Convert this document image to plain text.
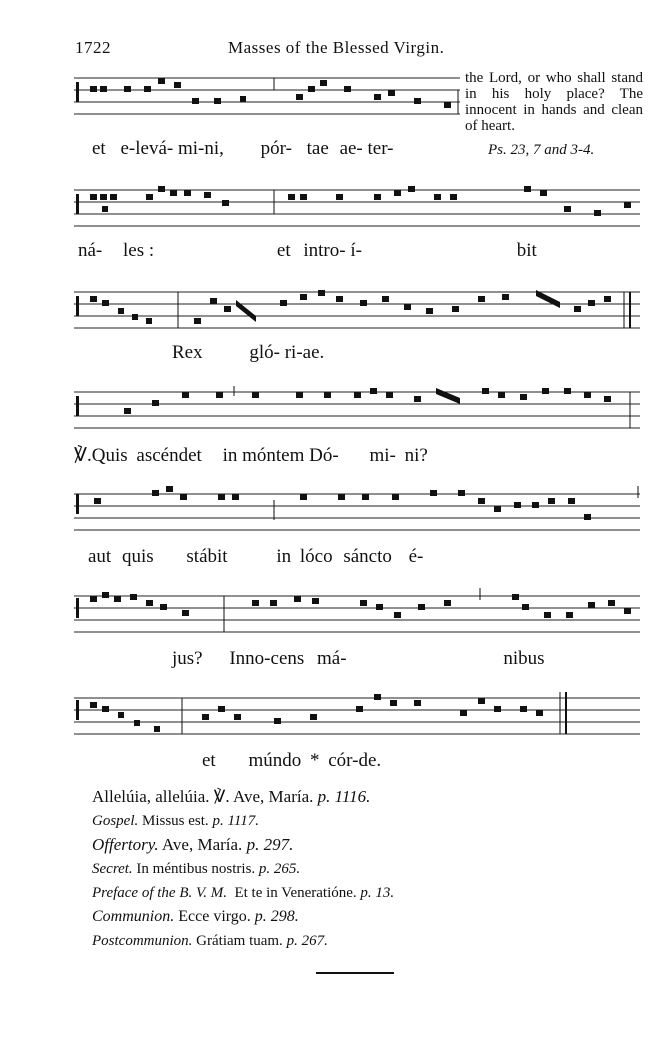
1722	Masses of the Blessed Virgin.
the Lord, or who shall stand in his holy place? The innocent in hands and clean of heart.
Ps. 23, 7 and 3-4.
et e-levá- mi-ni, pór- tae ae- ter-
ná- les :	et intro- í-	bit
Rex gló- ri-ae.
℣.Quis ascéndet in móntem Dó- mi- ni?
aut quis stábit	in lóco sáncto é-
jus? Inno-cens má-	nibus
et múndo * cór-de.
Allelúia, allelúia. ℣. Ave, María. p. 1116.
Gospel. Missus est. p. 1117.
Offertory. Ave, María. p. 297.
Secret. In méntibus nostris. p. 265.
Preface of the B. V. M. Et te in Veneratióne. p. 13.
Communion. Ecce virgo. p. 298.
Postcommunion. Grátiam tuam. p. 267.
